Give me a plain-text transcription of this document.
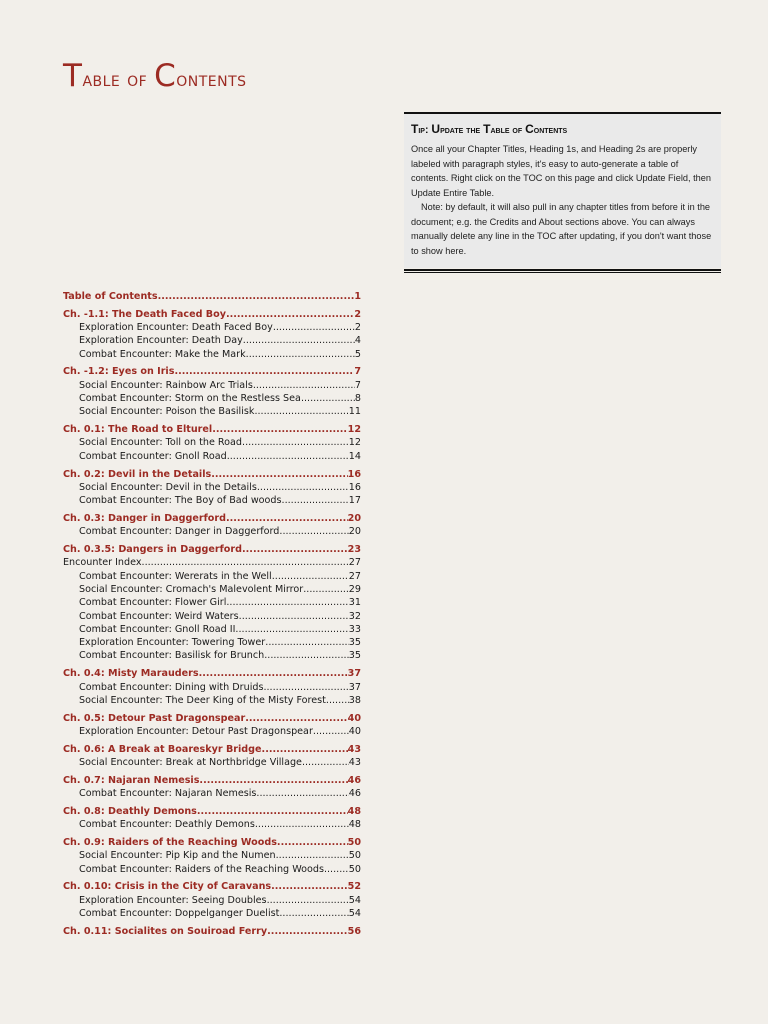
Table of Contents
Tip: Update the Table of Contents

Once all your Chapter Titles, Heading 1s, and Heading 2s are properly labeled with paragraph styles, it's easy to auto-generate a table of contents. Right click on the TOC on this page and click Update Field, then Update Entire Table.

Note: by default, it will also pull in any chapter titles from before it in the document; e.g. the Credits and About sections above. You can always manually delete any line in the TOC after updating, if you don't want those to show here.

Table of Contents .....	1
Ch. -1.1: The Death Faced Boy .....	2
Exploration Encounter: Death Faced Boy .....	2
Exploration Encounter: Death Day .....	4
Combat Encounter: Make the Mark .....	5
Ch. -1.2: Eyes on Iris .....	7
Social Encounter: Rainbow Arc Trials .....	7
Combat Encounter: Storm on the Restless Sea .....	8
Social Encounter: Poison the Basilisk .....	11
Ch. 0.1: The Road to Elturel .....	12
Social Encounter: Toll on the Road .....	12
Combat Encounter: Gnoll Road .....	14
Ch. 0.2: Devil in the Details .....	16
Social Encounter: Devil in the Details .....	16
Combat Encounter: The Boy of Bad woods .....	17
Ch. 0.3: Danger in Daggerford .....	20
Combat Encounter: Danger in Daggerford .....	20
Ch. 0.3.5: Dangers in Daggerford .....	23
Encounter Index .....	27
Combat Encounter: Wererats in the Well .....	27
Social Encounter: Cromach's Malevolent Mirror .....	29
Combat Encounter: Flower Girl .....	31
Combat Encounter: Weird Waters .....	32
Combat Encounter: Gnoll Road II .....	33
Exploration Encounter: Towering Tower .....	35
Combat Encounter: Basilisk for Brunch .....	35
Ch. 0.4: Misty Marauders .....	37
Combat Encounter: Dining with Druids .....	37
Social Encounter: The Deer King of the Misty Forest ..... 38
Ch. 0.5: Detour Past Dragonspear .....	40
Exploration Encounter: Detour Past Dragonspear .....	40
Ch. 0.6: A Break at Boareskyr Bridge .....	43
Social Encounter: Break at Northbridge Village .....	43
Ch. 0.7: Najaran Nemesis .....	46
Combat Encounter: Najaran Nemesis .....	46
Ch. 0.8: Deathly Demons .....	48
Combat Encounter: Deathly Demons .....	48
Ch. 0.9: Raiders of the Reaching Woods .....	50
Social Encounter: Pip Kip and the Numen .....	50
Combat Encounter: Raiders of the Reaching Woods .....	50
Ch. 0.10: Crisis in the City of Caravans .....	52
Exploration Encounter: Seeing Doubles .....	54
Combat Encounter: Doppelganger Duelist .....	54
Ch. 0.11: Socialites on Souiroad Ferry .....	56
